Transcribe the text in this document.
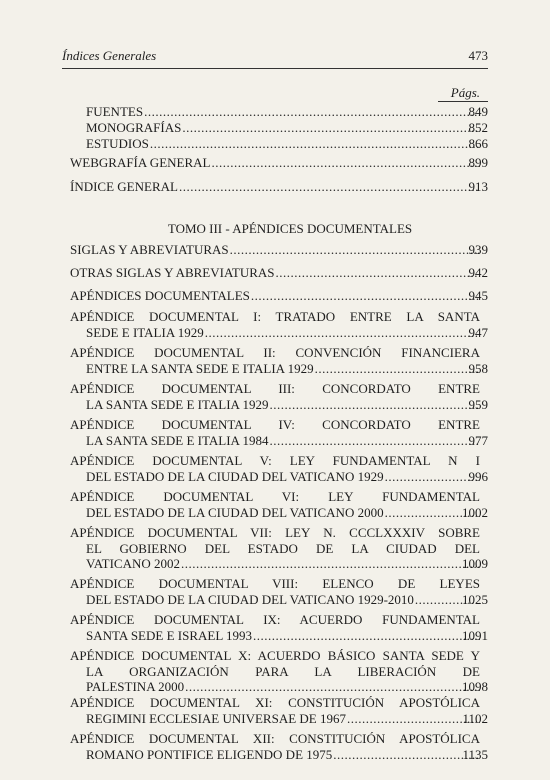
Índices Generales	473
Págs.
FUENTES .....	849
MONOGRAFÍAS .....	852
ESTUDIOS .....	866
WEBGRAFÍA GENERAL .....	899
ÍNDICE GENERAL .....	913
TOMO III - APÉNDICES DOCUMENTALES
SIGLAS Y ABREVIATURAS .....	939
OTRAS SIGLAS Y ABREVIATURAS .....	942
APÉNDICES DOCUMENTALES .....	945
APÉNDICE DOCUMENTAL I: TRATADO ENTRE LA SANTA
SEDE E ITALIA 1929 .....	947
APÉNDICE DOCUMENTAL II: CONVENCIÓN FINANCIERA
ENTRE LA SANTA SEDE E ITALIA 1929 .....	958
APÉNDICE DOCUMENTAL III: CONCORDATO ENTRE
LA SANTA SEDE E ITALIA 1929 .....	959
APÉNDICE DOCUMENTAL IV: CONCORDATO ENTRE
LA SANTA SEDE E ITALIA 1984 .....	977
APÉNDICE DOCUMENTAL V: LEY FUNDAMENTAL N I
DEL ESTADO DE LA CIUDAD DEL VATICANO 1929 .....	996
APÉNDICE DOCUMENTAL VI: LEY FUNDAMENTAL
DEL ESTADO DE LA CIUDAD DEL VATICANO 2000 .....	1002
APÉNDICE DOCUMENTAL VII: LEY N. CCCLXXXIV SOBRE
EL GOBIERNO DEL ESTADO DE LA CIUDAD DEL
VATICANO 2002 .....	1009
APÉNDICE DOCUMENTAL VIII: ELENCO DE LEYES
DEL ESTADO DE LA CIUDAD DEL VATICANO 1929-2010 .....	1025
APÉNDICE DOCUMENTAL IX: ACUERDO FUNDAMENTAL
SANTA SEDE E ISRAEL 1993 .....	1091
APÉNDICE DOCUMENTAL X: ACUERDO BÁSICO SANTA SEDE Y
LA ORGANIZACIÓN PARA LA LIBERACIÓN DE
PALESTINA 2000 .....	1098
APÉNDICE DOCUMENTAL XI: CONSTITUCIÓN APOSTÓLICA
REGIMINI ECCLESIAE UNIVERSAE DE 1967 .....	1102
APÉNDICE DOCUMENTAL XII: CONSTITUCIÓN APOSTÓLICA
ROMANO PONTIFICE ELIGENDO DE 1975 .....	1135
